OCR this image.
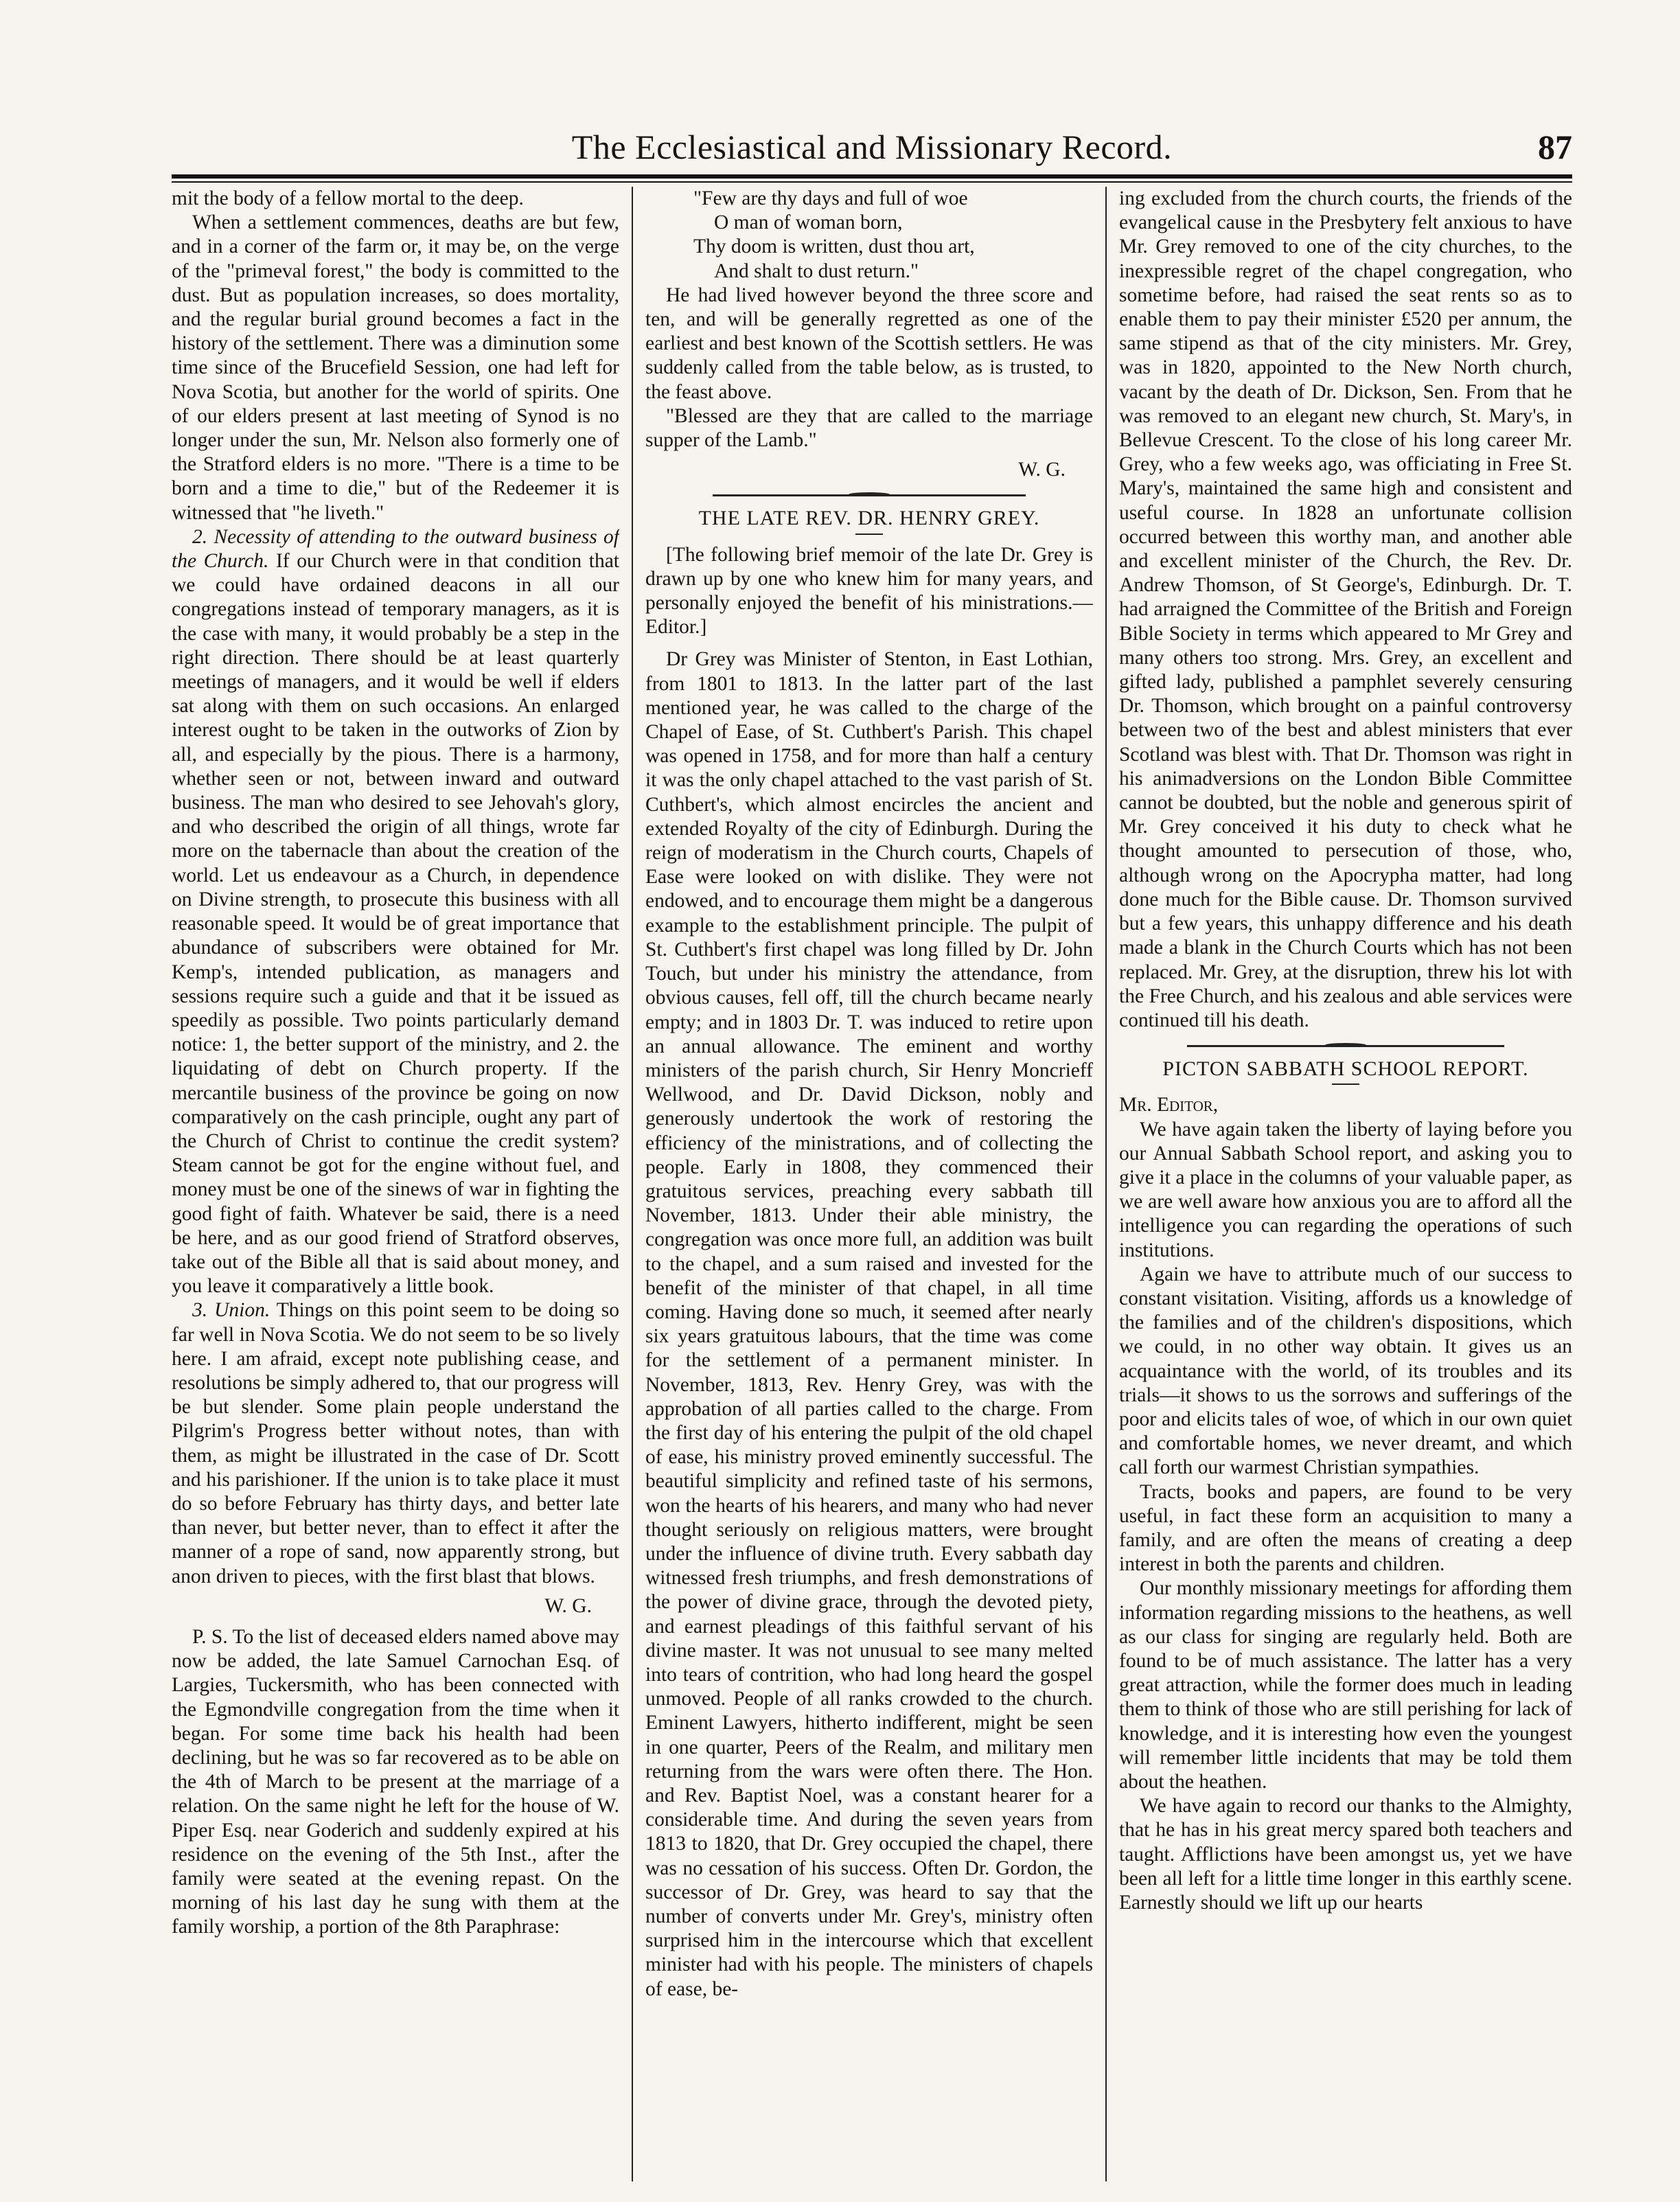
The Ecclesiastical and Missionary Record.	87

mit the body of a fellow mortal to the deep.

When a settlement commences, deaths are but few, and in a corner of the farm or, it may be, on the verge of the "primeval forest," the body is committed to the dust. But as population increases, so does mortality, and the regular burial ground becomes a fact in the history of the settlement. There was a diminution some time since of the Brucefield Session, one had left for Nova Scotia, but another for the world of spirits. One of our elders present at last meeting of Synod is no longer under the sun, Mr. Nelson also formerly one of the Stratford elders is no more. "There is a time to be born and a time to die," but of the Redeemer it is witnessed that "he liveth."

2. Necessity of attending to the outward business of the Church. If our Church were in that condition that we could have ordained deacons in all our congregations instead of temporary managers, as it is the case with many, it would probably be a step in the right direction. There should be at least quarterly meetings of managers, and it would be well if elders sat along with them on such occasions. An enlarged interest ought to be taken in the outworks of Zion by all, and especially by the pious. There is a harmony, whether seen or not, between inward and outward business. The man who desired to see Jehovah's glory, and who described the origin of all things, wrote far more on the tabernacle than about the creation of the world. Let us endeavour as a Church, in dependence on Divine strength, to prosecute this business with all reasonable speed. It would be of great importance that abundance of subscribers were obtained for Mr. Kemp's, intended publication, as managers and sessions require such a guide and that it be issued as speedily as possible. Two points particularly demand notice: 1, the better support of the ministry, and 2. the liquidating of debt on Church property. If the mercantile business of the province be going on now comparatively on the cash principle, ought any part of the Church of Christ to continue the credit system? Steam cannot be got for the engine without fuel, and money must be one of the sinews of war in fighting the good fight of faith. Whatever be said, there is a need be here, and as our good friend of Stratford observes, take out of the Bible all that is said about money, and you leave it comparatively a little book.

3. Union. Things on this point seem to be doing so far well in Nova Scotia. We do not seem to be so lively here. I am afraid, except note publishing cease, and resolutions be simply adhered to, that our progress will be but slender. Some plain people understand the Pilgrim's Progress better without notes, than with them, as might be illustrated in the case of Dr. Scott and his parishioner. If the union is to take place it must do so before February has thirty days, and better late than never, but better never, than to effect it after the manner of a rope of sand, now apparently strong, but anon driven to pieces, with the first blast that blows.

W. G.

P. S. To the list of deceased elders named above may now be added, the late Samuel Carnochan Esq. of Largies, Tuckersmith, who has been connected with the Egmondville congregation from the time when it began. For some time back his health had been declining, but he was so far recovered as to be able on the 4th of March to be present at the marriage of a relation. On the same night he left for the house of W. Piper Esq. near Goderich and suddenly expired at his residence on the evening of the 5th Inst., after the family were seated at the evening repast. On the morning of his last day he sung with them at the family worship, a portion of the 8th Paraphrase:

"Few are thy days and full of woe
O man of woman born,
Thy doom is written, dust thou art,
And shalt to dust return."

He had lived however beyond the three score and ten, and will be generally regretted as one of the earliest and best known of the Scottish settlers. He was suddenly called from the table below, as is trusted, to the feast above.

"Blessed are they that are called to the marriage supper of the Lamb."

W. G.

THE LATE REV. DR. HENRY GREY.

[The following brief memoir of the late Dr. Grey is drawn up by one who knew him for many years, and personally enjoyed the benefit of his ministrations.—Editor.]

Dr Grey was Minister of Stenton, in East Lothian, from 1801 to 1813. In the latter part of the last mentioned year, he was called to the charge of the Chapel of Ease, of St. Cuthbert's Parish. This chapel was opened in 1758, and for more than half a century it was the only chapel attached to the vast parish of St. Cuthbert's, which almost encircles the ancient and extended Royalty of the city of Edinburgh. During the reign of moderatism in the Church courts, Chapels of Ease were looked on with dislike. They were not endowed, and to encourage them might be a dangerous example to the establishment principle. The pulpit of St. Cuthbert's first chapel was long filled by Dr. John Touch, but under his ministry the attendance, from obvious causes, fell off, till the church became nearly empty; and in 1803 Dr. T. was induced to retire upon an annual allowance. The eminent and worthy ministers of the parish church, Sir Henry Moncrieff Wellwood, and Dr. David Dickson, nobly and generously undertook the work of restoring the efficiency of the ministrations, and of collecting the people. Early in 1808, they commenced their gratuitous services, preaching every sabbath till November, 1813. Under their able ministry, the congregation was once more full, an addition was built to the chapel, and a sum raised and invested for the benefit of the minister of that chapel, in all time coming. Having done so much, it seemed after nearly six years gratuitous labours, that the time was come for the settlement of a permanent minister. In November, 1813, Rev. Henry Grey, was with the approbation of all parties called to the charge. From the first day of his entering the pulpit of the old chapel of ease, his ministry proved eminently successful. The beautiful simplicity and refined taste of his sermons, won the hearts of his hearers, and many who had never thought seriously on religious matters, were brought under the influence of divine truth. Every sabbath day witnessed fresh triumphs, and fresh demonstrations of the power of divine grace, through the devoted piety, and earnest pleadings of this faithful servant of his divine master. It was not unusual to see many melted into tears of contrition, who had long heard the gospel unmoved. People of all ranks crowded to the church. Eminent Lawyers, hitherto indifferent, might be seen in one quarter, Peers of the Realm, and military men returning from the wars were often there. The Hon. and Rev. Baptist Noel, was a constant hearer for a considerable time. And during the seven years from 1813 to 1820, that Dr. Grey occupied the chapel, there was no cessation of his success. Often Dr. Gordon, the successor of Dr. Grey, was heard to say that the number of converts under Mr. Grey's, ministry often surprised him in the intercourse which that excellent minister had with his people. The ministers of chapels of ease, be-

ing excluded from the church courts, the friends of the evangelical cause in the Presbytery felt anxious to have Mr. Grey removed to one of the city churches, to the inexpressible regret of the chapel congregation, who sometime before, had raised the seat rents so as to enable them to pay their minister £520 per annum, the same stipend as that of the city ministers. Mr. Grey, was in 1820, appointed to the New North church, vacant by the death of Dr. Dickson, Sen. From that he was removed to an elegant new church, St. Mary's, in Bellevue Crescent. To the close of his long career Mr. Grey, who a few weeks ago, was officiating in Free St. Mary's, maintained the same high and consistent and useful course. In 1828 an unfortunate collision occurred between this worthy man, and another able and excellent minister of the Church, the Rev. Dr. Andrew Thomson, of St George's, Edinburgh. Dr. T. had arraigned the Committee of the British and Foreign Bible Society in terms which appeared to Mr Grey and many others too strong. Mrs. Grey, an excellent and gifted lady, published a pamphlet severely censuring Dr. Thomson, which brought on a painful controversy between two of the best and ablest ministers that ever Scotland was blest with. That Dr. Thomson was right in his animadversions on the London Bible Committee cannot be doubted, but the noble and generous spirit of Mr. Grey conceived it his duty to check what he thought amounted to persecution of those, who, although wrong on the Apocrypha matter, had long done much for the Bible cause. Dr. Thomson survived but a few years, this unhappy difference and his death made a blank in the Church Courts which has not been replaced. Mr. Grey, at the disruption, threw his lot with the Free Church, and his zealous and able services were continued till his death.

PICTON SABBATH SCHOOL REPORT.

Mr. Editor,

We have again taken the liberty of laying before you our Annual Sabbath School report, and asking you to give it a place in the columns of your valuable paper, as we are well aware how anxious you are to afford all the intelligence you can regarding the operations of such institutions.

Again we have to attribute much of our success to constant visitation. Visiting, affords us a knowledge of the families and of the children's dispositions, which we could, in no other way obtain. It gives us an acquaintance with the world, of its troubles and its trials—it shows to us the sorrows and sufferings of the poor and elicits tales of woe, of which in our own quiet and comfortable homes, we never dreamt, and which call forth our warmest Christian sympathies.

Tracts, books and papers, are found to be very useful, in fact these form an acquisition to many a family, and are often the means of creating a deep interest in both the parents and children.

Our monthly missionary meetings for affording them information regarding missions to the heathens, as well as our class for singing are regularly held. Both are found to be of much assistance. The latter has a very great attraction, while the former does much in leading them to think of those who are still perishing for lack of knowledge, and it is interesting how even the youngest will remember little incidents that may be told them about the heathen.

We have again to record our thanks to the Almighty, that he has in his great mercy spared both teachers and taught. Afflictions have been amongst us, yet we have been all left for a little time longer in this earthly scene. Earnestly should we lift up our hearts
